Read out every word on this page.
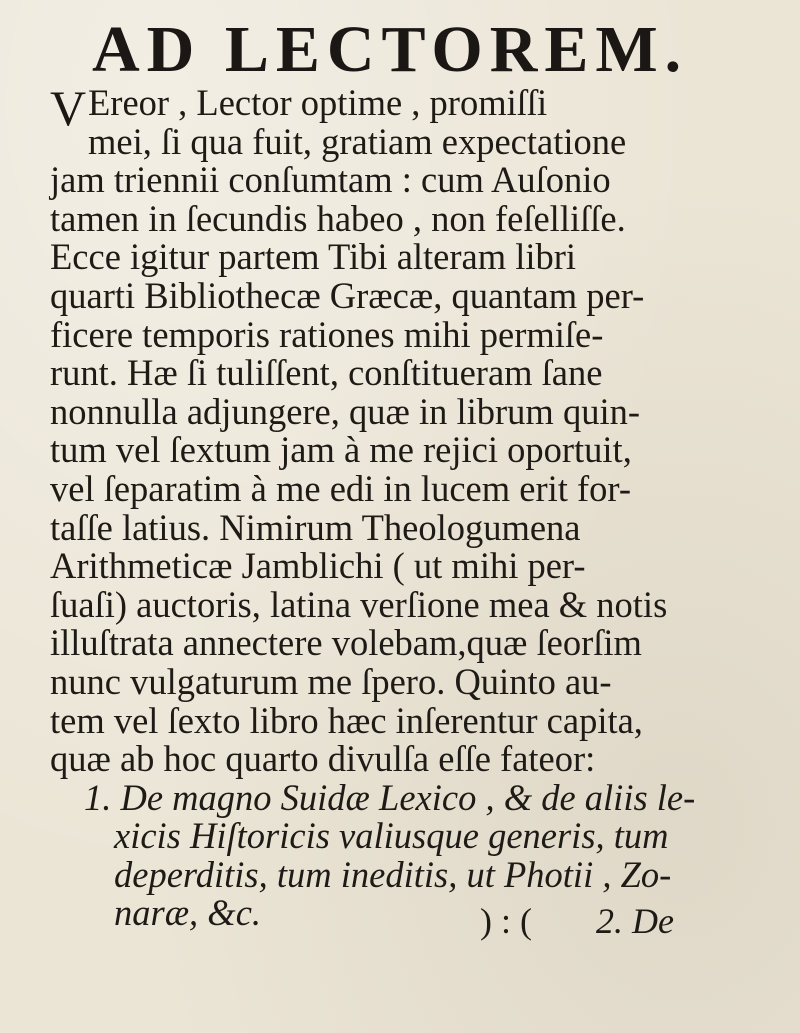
AD LECTOREM.
V Ereor , Lector optime , promiſſi
mei, ſi qua fuit, gratiam expectatione
jam triennii conſumtam : cum Auſonio
tamen in ſecundis habeo , non feſelliſſe.
Ecce igitur partem Tibi alteram libri
quarti Bibliothecæ Græcæ, quantam per-
ficere temporis rationes mihi permiſe-
runt. Hæ ſi tuliſſent, conſtitueram ſane
nonnulla adjungere, quæ in librum quin-
tum vel ſextum jam à me rejici oportuit,
vel ſeparatim à me edi in lucem erit for-
taſſe latius. Nimirum Theologumena
Arithmeticæ Jamblichi ( ut mihi per-
ſuaſi) auctoris, latina verſione mea & notis
illuſtrata annectere volebam,quæ ſeorſim
nunc vulgaturum me ſpero. Quinto au-
tem vel ſexto libro hæc inſerentur capita,
quæ ab hoc quarto divulſa eſſe fateor:
1. De magno Suidæ Lexico , & de aliis le-
xicis Hiſtoricis valiusque generis, tum
deperditis, tum ineditis, ut Photii , Zo-
naræ, &c.	) : ( 2. De
